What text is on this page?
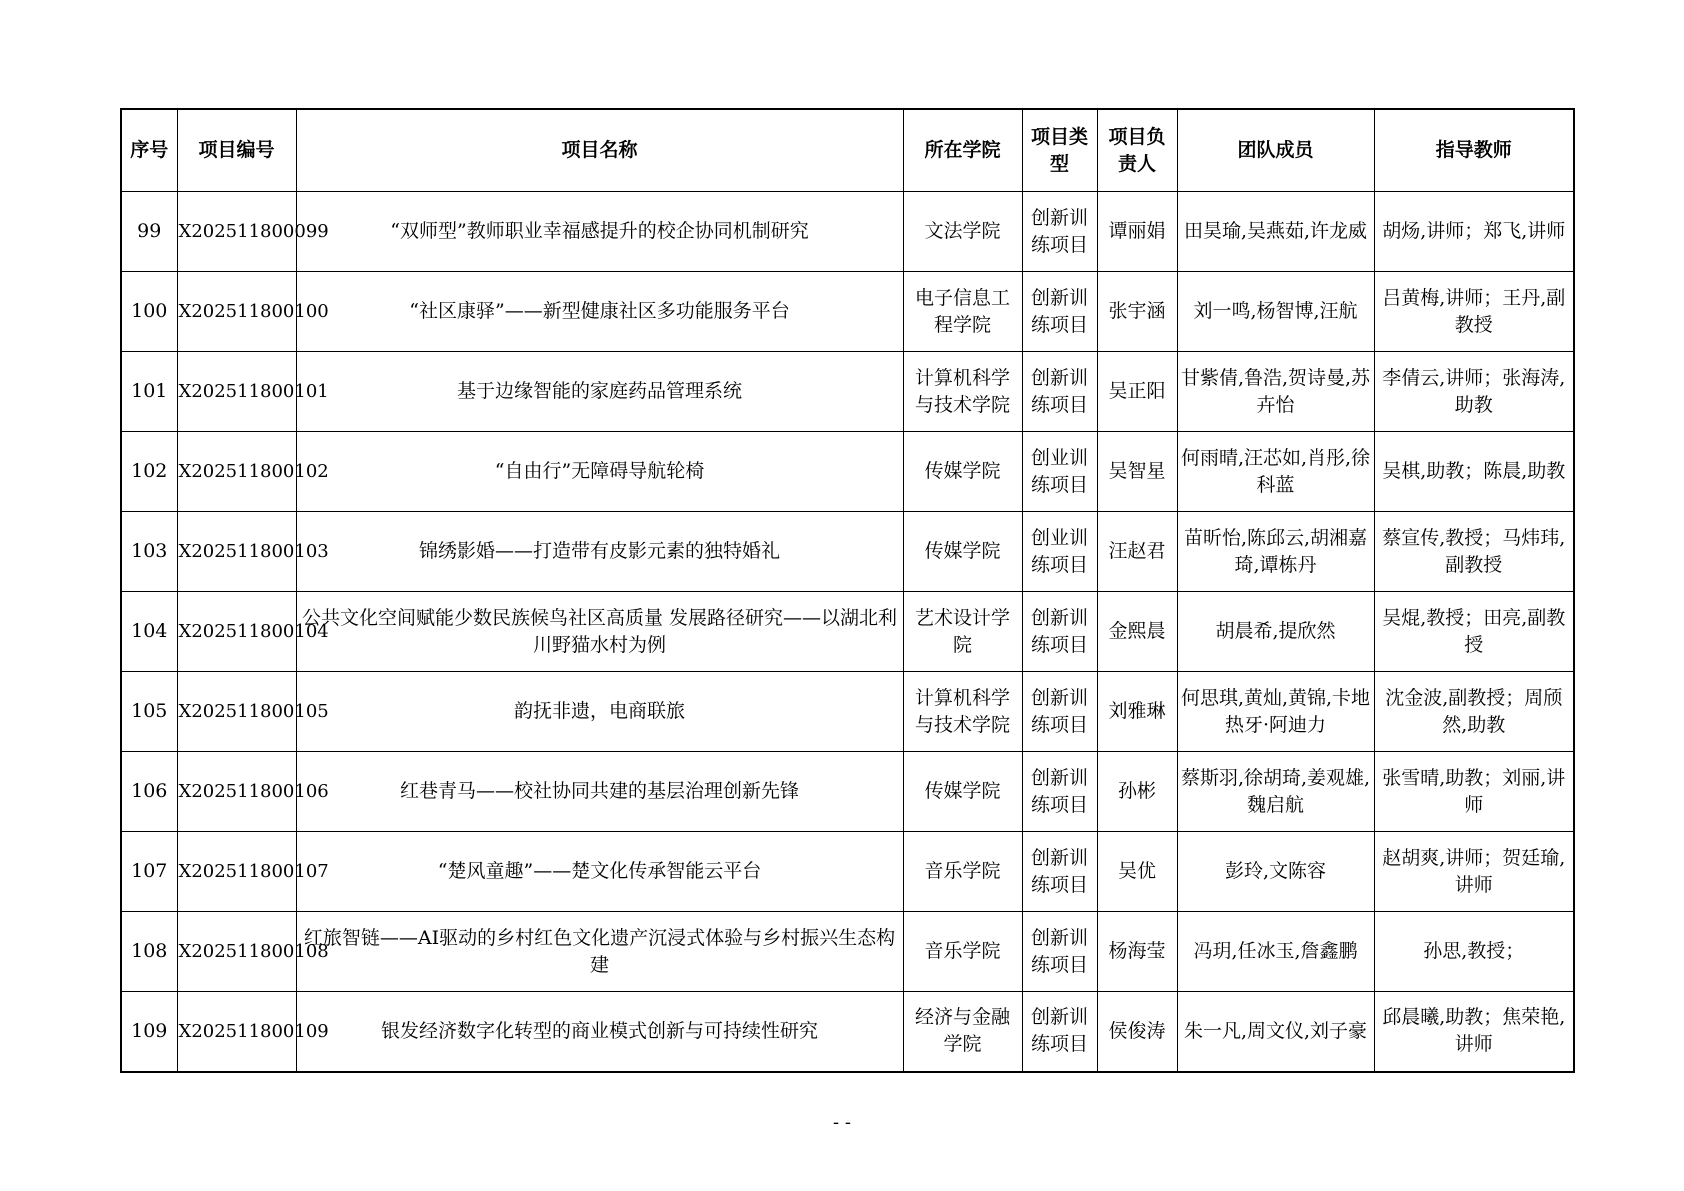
序号	项目编号	项目名称	所在学院	项目类型	项目负责人	团队成员	指导教师
99	X202511800099	“双师型”教师职业幸福感提升的校企协同机制研究	文法学院	创新训练项目	谭丽娟	田昊瑜,吴燕茹,许龙威	胡炀,讲师；郑飞,讲师
100	X202511800100	“社区康驿”——新型健康社区多功能服务平台	电子信息工程学院	创新训练项目	张宇涵	刘一鸣,杨智博,汪航	吕黄梅,讲师；王丹,副教授
101	X202511800101	基于边缘智能的家庭药品管理系统	计算机科学与技术学院	创新训练项目	吴正阳	甘紫倩,鲁浩,贺诗曼,苏卉怡	李倩云,讲师；张海涛,助教
102	X202511800102	“自由行”无障碍导航轮椅	传媒学院	创业训练项目	吴智星	何雨晴,汪芯如,肖彤,徐科蓝	吴棋,助教；陈晨,助教
103	X202511800103	锦绣影婚——打造带有皮影元素的独特婚礼	传媒学院	创业训练项目	汪赵君	苗昕怡,陈邱云,胡湘嘉琦,谭栋丹	蔡宣传,教授；马炜玮,副教授
104	X202511800104	公共文化空间赋能少数民族候鸟社区高质量 发展路径研究——以湖北利川野猫水村为例	艺术设计学院	创新训练项目	金熙晨	胡晨希,提欣然	吴焜,教授；田亮,副教授
105	X202511800105	韵抚非遗，电商联旅	计算机科学与技术学院	创新训练项目	刘雅琳	何思琪,黄灿,黄锦,卡地热牙·阿迪力	沈金波,副教授；周颀然,助教
106	X202511800106	红巷青马——校社协同共建的基层治理创新先锋	传媒学院	创新训练项目	孙彬	蔡斯羽,徐胡琦,姜观雄,魏启航	张雪晴,助教；刘丽,讲师
107	X202511800107	“楚风童趣”——楚文化传承智能云平台	音乐学院	创新训练项目	吴优	彭玲,文陈容	赵胡爽,讲师；贺廷瑜,讲师
108	X202511800108	红旅智链——AI驱动的乡村红色文化遗产沉浸式体验与乡村振兴生态构建	音乐学院	创新训练项目	杨海莹	冯玥,任冰玉,詹鑫鹏	孙思,教授；
109	X202511800109	银发经济数字化转型的商业模式创新与可持续性研究	经济与金融学院	创新训练项目	侯俊涛	朱一凡,周文仪,刘子豪	邱晨曦,助教；焦荣艳,讲师
- -
